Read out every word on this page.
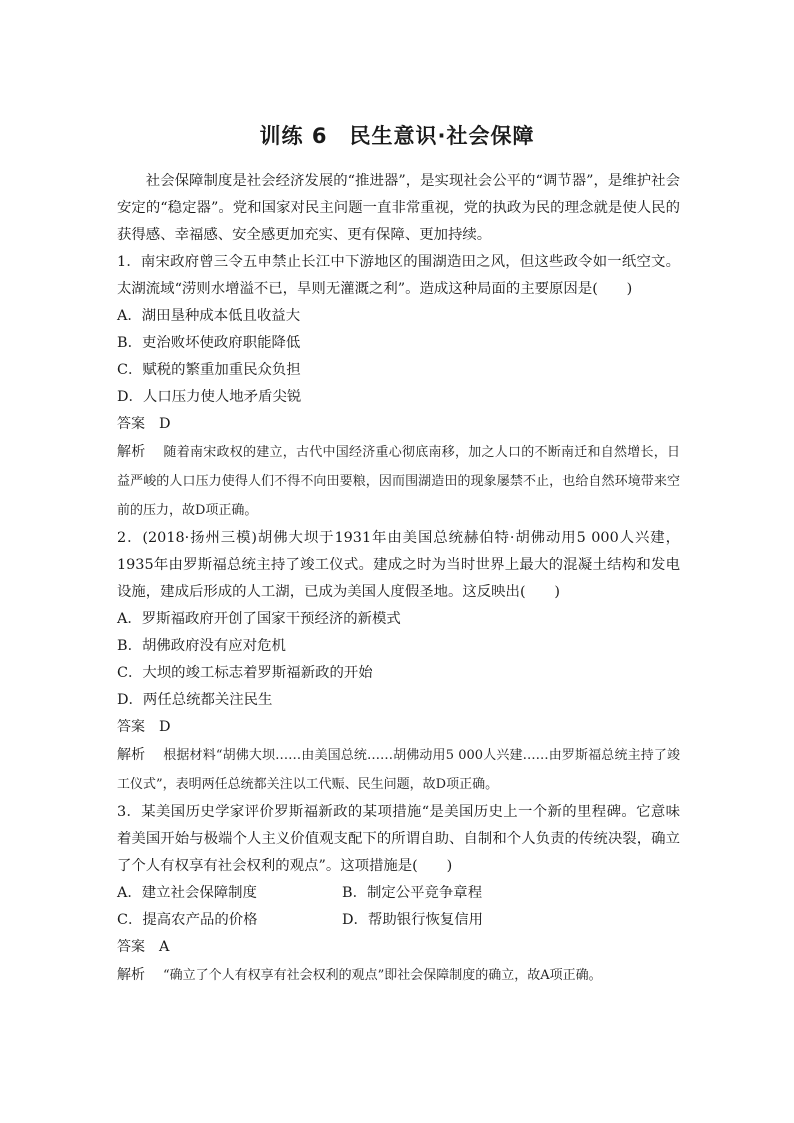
训练 6　民生意识·社会保障

社会保障制度是社会经济发展的“推进器”，是实现社会公平的“调节器”，是维护社会安定的“稳定器”。党和国家对民主问题一直非常重视，党的执政为民的理念就是使人民的获得感、幸福感、安全感更加充实、更有保障、更加持续。

1．南宋政府曾三令五申禁止长江中下游地区的围湖造田之风，但这些政令如一纸空文。太湖流域“涝则水增溢不已，旱则无灌溉之利”。造成这种局面的主要原因是(　　)

A．湖田垦种成本低且收益大

B．吏治败坏使政府职能降低

C．赋税的繁重加重民众负担

D．人口压力使人地矛盾尖锐

答案 D

解析 随着南宋政权的建立，古代中国经济重心彻底南移，加之人口的不断南迁和自然增长，日益严峻的人口压力使得人们不得不向田要粮，因而围湖造田的现象屡禁不止，也给自然环境带来空前的压力，故D项正确。

2．(2018·扬州三模)胡佛大坝于1931年由美国总统赫伯特·胡佛动用5 000人兴建，1935年由罗斯福总统主持了竣工仪式。建成之时为当时世界上最大的混凝土结构和发电设施，建成后形成的人工湖，已成为美国人度假圣地。这反映出(　　)

A．罗斯福政府开创了国家干预经济的新模式

B．胡佛政府没有应对危机

C．大坝的竣工标志着罗斯福新政的开始

D．两任总统都关注民生

答案 D

解析 根据材料“胡佛大坝……由美国总统……胡佛动用5 000人兴建……由罗斯福总统主持了竣工仪式”，表明两任总统都关注以工代赈、民生问题，故D项正确。

3．某美国历史学家评价罗斯福新政的某项措施“是美国历史上一个新的里程碑。它意味着美国开始与极端个人主义价值观支配下的所谓自助、自制和个人负责的传统决裂，确立了个人有权享有社会权利的观点”。这项措施是(　　)

A．建立社会保障制度	B．制定公平竞争章程
C．提高农产品的价格	D．帮助银行恢复信用

答案 A

解析 “确立了个人有权享有社会权利的观点”即社会保障制度的确立，故A项正确。
